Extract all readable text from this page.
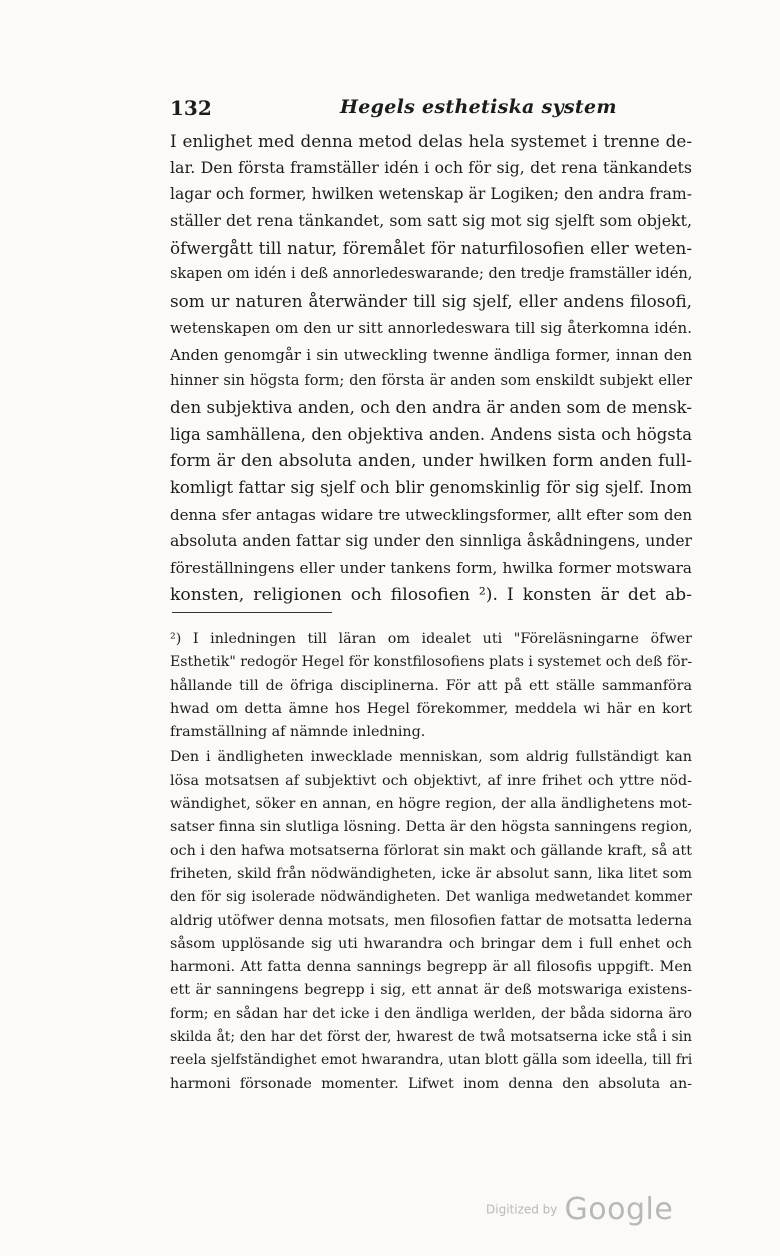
132	Hegels esthetiska system
I enlighet med denna metod delas hela systemet i trenne de-
lar. Den första framställer idén i och för sig, det rena tänkandets
lagar och former, hwilken wetenskap är Logiken; den andra fram-
ställer det rena tänkandet, som satt sig mot sig sjelft som objekt,
öfwergått till natur, föremålet för naturfilosofien eller weten-
skapen om idén i deß annorledeswarande; den tredje framställer idén,
som ur naturen återwänder till sig sjelf, eller andens filosofi,
wetenskapen om den ur sitt annorledeswara till sig återkomna idén.
Anden genomgår i sin utweckling twenne ändliga former, innan den
hinner sin högsta form; den första är anden som enskildt subjekt eller
den subjektiva anden, och den andra är anden som de mensk-
liga samhällena, den objektiva anden. Andens sista och högsta
form är den absoluta anden, under hwilken form anden full-
komligt fattar sig sjelf och blir genomskinlig för sig sjelf. Inom
denna sfer antagas widare tre utwecklingsformer, allt efter som den
absoluta anden fattar sig under den sinnliga åskådningens, under
föreställningens eller under tankens form, hwilka former motswara
konsten, religionen och filosofien ²). I konsten är det ab-
²) I inledningen till läran om idealet uti "Föreläsningarne öfwer
Esthetik" redogör Hegel för konstfilosofiens plats i systemet och deß för-
hållande till de öfriga disciplinerna. För att på ett ställe sammanföra
hwad om detta ämne hos Hegel förekommer, meddela wi här en kort
framställning af nämnde inledning.
Den i ändligheten inweckladе menniskan, som aldrig fullständigt kan
lösa motsatsen af subjektivt och objektivt, af inre frihet och yttre nöd-
wändighet, söker en annan, en högre region, der alla ändlighetens mot-
satser finna sin slutliga lösning. Detta är den högsta sanningens region,
och i den hafwa motsatserna förlorat sin makt och gällande kraft, så att
friheten, skild från nödwändigheten, icke är absolut sann, lika litet som
den för sig isolerade nödwändigheten. Det wanliga medwetandet kommer
aldrig utöfwer denna motsats, men filosofien fattar de motsatta lederna
såsom upplösande sig uti hwarandra och bringar dem i full enhet och
harmoni. Att fatta denna sannings begrepp är all filosofis uppgift. Men
ett är sanningens begrepp i sig, ett annat är deß motswariga existens-
form; en sådan har det icke i den ändliga werlden, der båda sidorna äro
skilda åt; den har det först der, hwarest de twå motsatserna icke stå i sin
reela sjelfständighet emot hwarandra, utan blott gälla som ideella, till fri
harmoni försonade momenter. Lifwet inom denna den absoluta an-
Digitized by Google
